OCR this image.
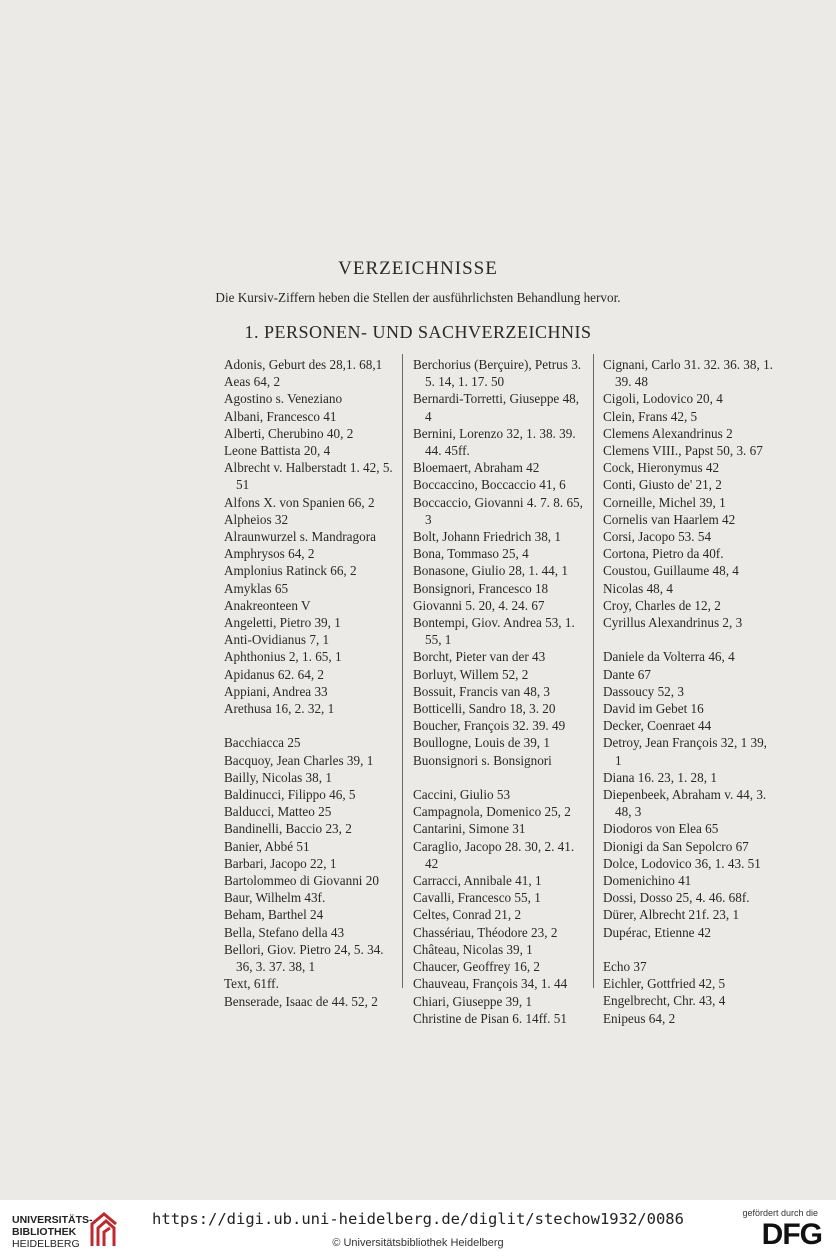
VERZEICHNISSE
Die Kursiv-Ziffern heben die Stellen der ausführlichsten Behandlung hervor.
1. PERSONEN- UND SACHVERZEICHNIS
Adonis, Geburt des 28,1. 68,1
Aeas 64, 2
Agostino s. Veneziano
Albani, Francesco 41
Alberti, Cherubino 40, 2
Leone Battista 20, 4
Albrecht v. Halberstadt 1. 42, 5. 51
Alfons X. von Spanien 66, 2
Alpheios 32
Alraunwurzel s. Mandragora
Amphrysos 64, 2
Amplonius Ratinck 66, 2
Amyklas 65
Anakreonteen V
Angeletti, Pietro 39, 1
Anti-Ovidianus 7, 1
Aphthonius 2, 1. 65, 1
Apidanus 62. 64, 2
Appiani, Andrea 33
Arethusa 16, 2. 32, 1
Bacchiacca 25
Bacquoy, Jean Charles 39, 1
Bailly, Nicolas 38, 1
Baldinucci, Filippo 46, 5
Balducci, Matteo 25
Bandinelli, Baccio 23, 2
Banier, Abbé 51
Barbari, Jacopo 22, 1
Bartolommeo di Giovanni 20
Baur, Wilhelm 43f.
Beham, Barthel 24
Bella, Stefano della 43
Bellori, Giov. Pietro 24, 5. 34. 36, 3. 37. 38, 1
Text, 61ff.
Benserade, Isaac de 44. 52, 2
Berchorius (Berçuire), Petrus 3. 5. 14, 1. 17. 50
Bernardi-Torretti, Giuseppe 48, 4
Bernini, Lorenzo 32, 1. 38. 39. 44. 45ff.
Bloemaert, Abraham 42
Boccaccino, Boccaccio 41, 6
Boccaccio, Giovanni 4. 7. 8. 65, 3
Bolt, Johann Friedrich 38, 1
Bona, Tommaso 25, 4
Bonasone, Giulio 28, 1. 44, 1
Bonsignori, Francesco 18
Giovanni 5. 20, 4. 24. 67
Bontempi, Giov. Andrea 53, 1. 55, 1
Borcht, Pieter van der 43
Borluyt, Willem 52, 2
Bossuit, Francis van 48, 3
Botticelli, Sandro 18, 3. 20
Boucher, François 32. 39. 49
Boullogne, Louis de 39, 1
Buonsignori s. Bonsignori
Caccini, Giulio 53
Campagnola, Domenico 25, 2
Cantarini, Simone 31
Caraglio, Jacopo 28. 30, 2. 41. 42
Carracci, Annibale 41, 1
Cavalli, Francesco 55, 1
Celtes, Conrad 21, 2
Chassériau, Théodore 23, 2
Château, Nicolas 39, 1
Chaucer, Geoffrey 16, 2
Chauveau, François 34, 1. 44
Chiari, Giuseppe 39, 1
Christine de Pisan 6. 14ff. 51
Cignani, Carlo 31. 32. 36. 38, 1. 39. 48
Cigoli, Lodovico 20, 4
Clein, Frans 42, 5
Clemens Alexandrinus 2
Clemens VIII., Papst 50, 3. 67
Cock, Hieronymus 42
Conti, Giusto de' 21, 2
Corneille, Michel 39, 1
Cornelis van Haarlem 42
Corsi, Jacopo 53. 54
Cortona, Pietro da 40f.
Coustou, Guillaume 48, 4
Nicolas 48, 4
Croy, Charles de 12, 2
Cyrillus Alexandrinus 2, 3
Daniele da Volterra 46, 4
Dante 67
Dassoucy 52, 3
David im Gebet 16
Decker, Coenraet 44
Detroy, Jean François 32, 1 39, 1
Diana 16. 23, 1. 28, 1
Diepenbeek, Abraham v. 44, 3. 48, 3
Diodoros von Elea 65
Dionigi da San Sepolcro 67
Dolce, Lodovico 36, 1. 43. 51
Domenichino 41
Dossi, Dosso 25, 4. 46. 68f.
Dürer, Albrecht 21f. 23, 1
Dupérac, Etienne 42
Echo 37
Eichler, Gottfried 42, 5
Engelbrecht, Chr. 43, 4
Enipeus 64, 2
UNIVERSITÄTS-
BIBLIOTHEK
HEIDELBERG
https://digi.ub.uni-heidelberg.de/diglit/stechow1932/0086
© Universitätsbibliothek Heidelberg
gefördert durch die
DFG
